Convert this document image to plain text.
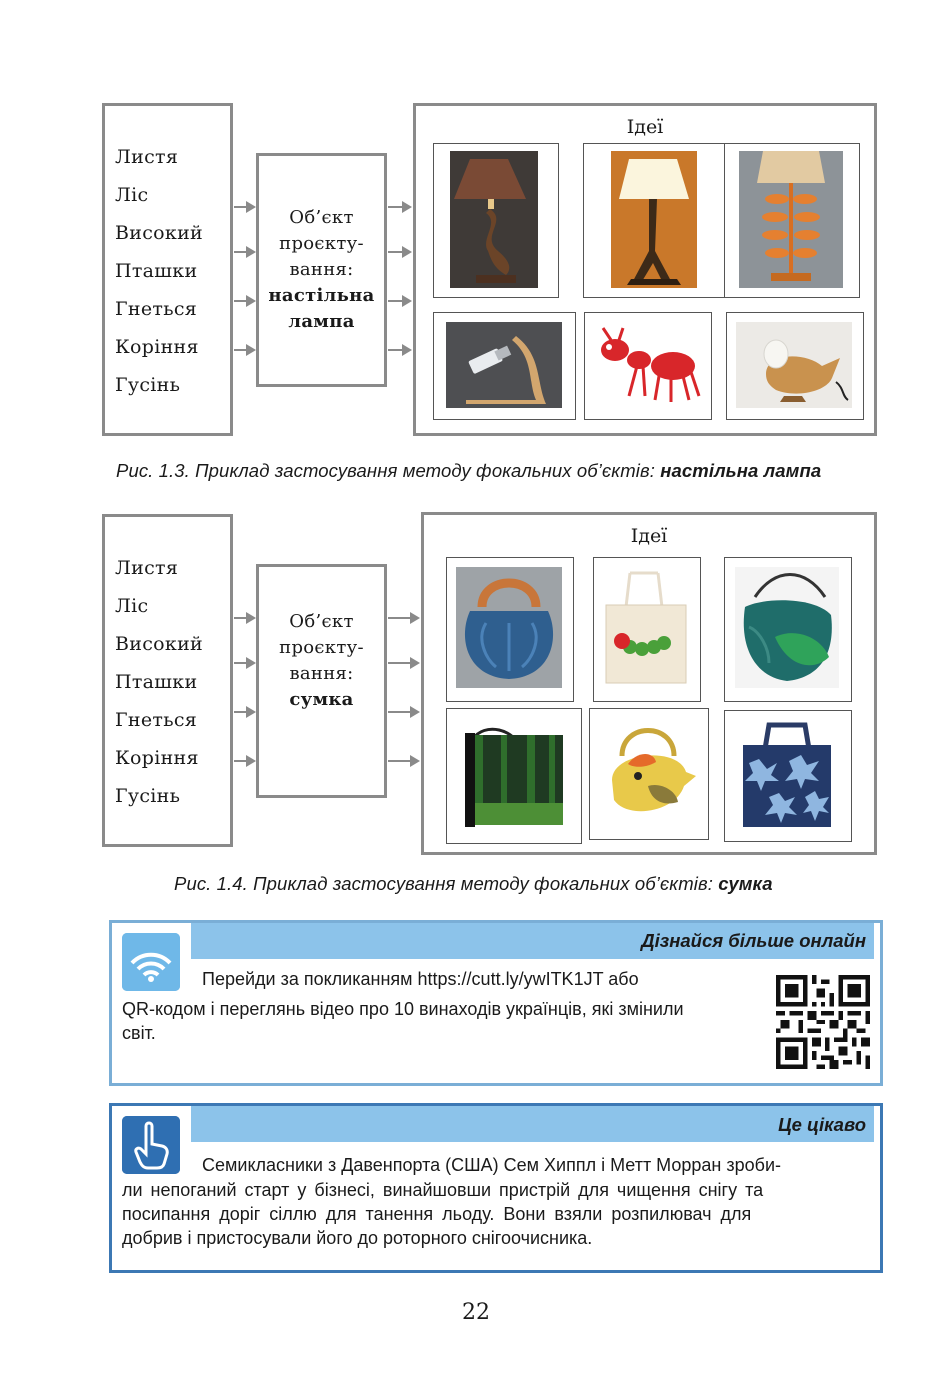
Листя
Ліс
Високий
Пташки
Гнеться
Коріння
Гусінь
Об’єкт
проєкту-
вання:
настільна
лампа
Ідеї
Рис. 1.3. Приклад застосування методу фокальних об’єктів: настільна лампа
Листя
Ліс
Високий
Пташки
Гнеться
Коріння
Гусінь
Об’єкт
проєкту-
вання:
сумка
Ідеї
Рис. 1.4. Приклад застосування методу фокальних об’єктів: сумка
Дізнайся більше онлайн
Перейди за покликанням https://cutt.ly/ywITK1JT або
QR-кодом і переглянь відео про 10 винаходів українців, які змінили
світ.
Це цікаво
Семикласники з Давенпорта (США) Сем Хиппл і Метт Морран зроби-
ли непоганий старт у бізнесі, винайшовши пристрій для чищення снігу та
посипання доріг сіллю для танення льоду. Вони взяли розпилювач для
добрив і пристосували його до роторного снігоочисника.
22
